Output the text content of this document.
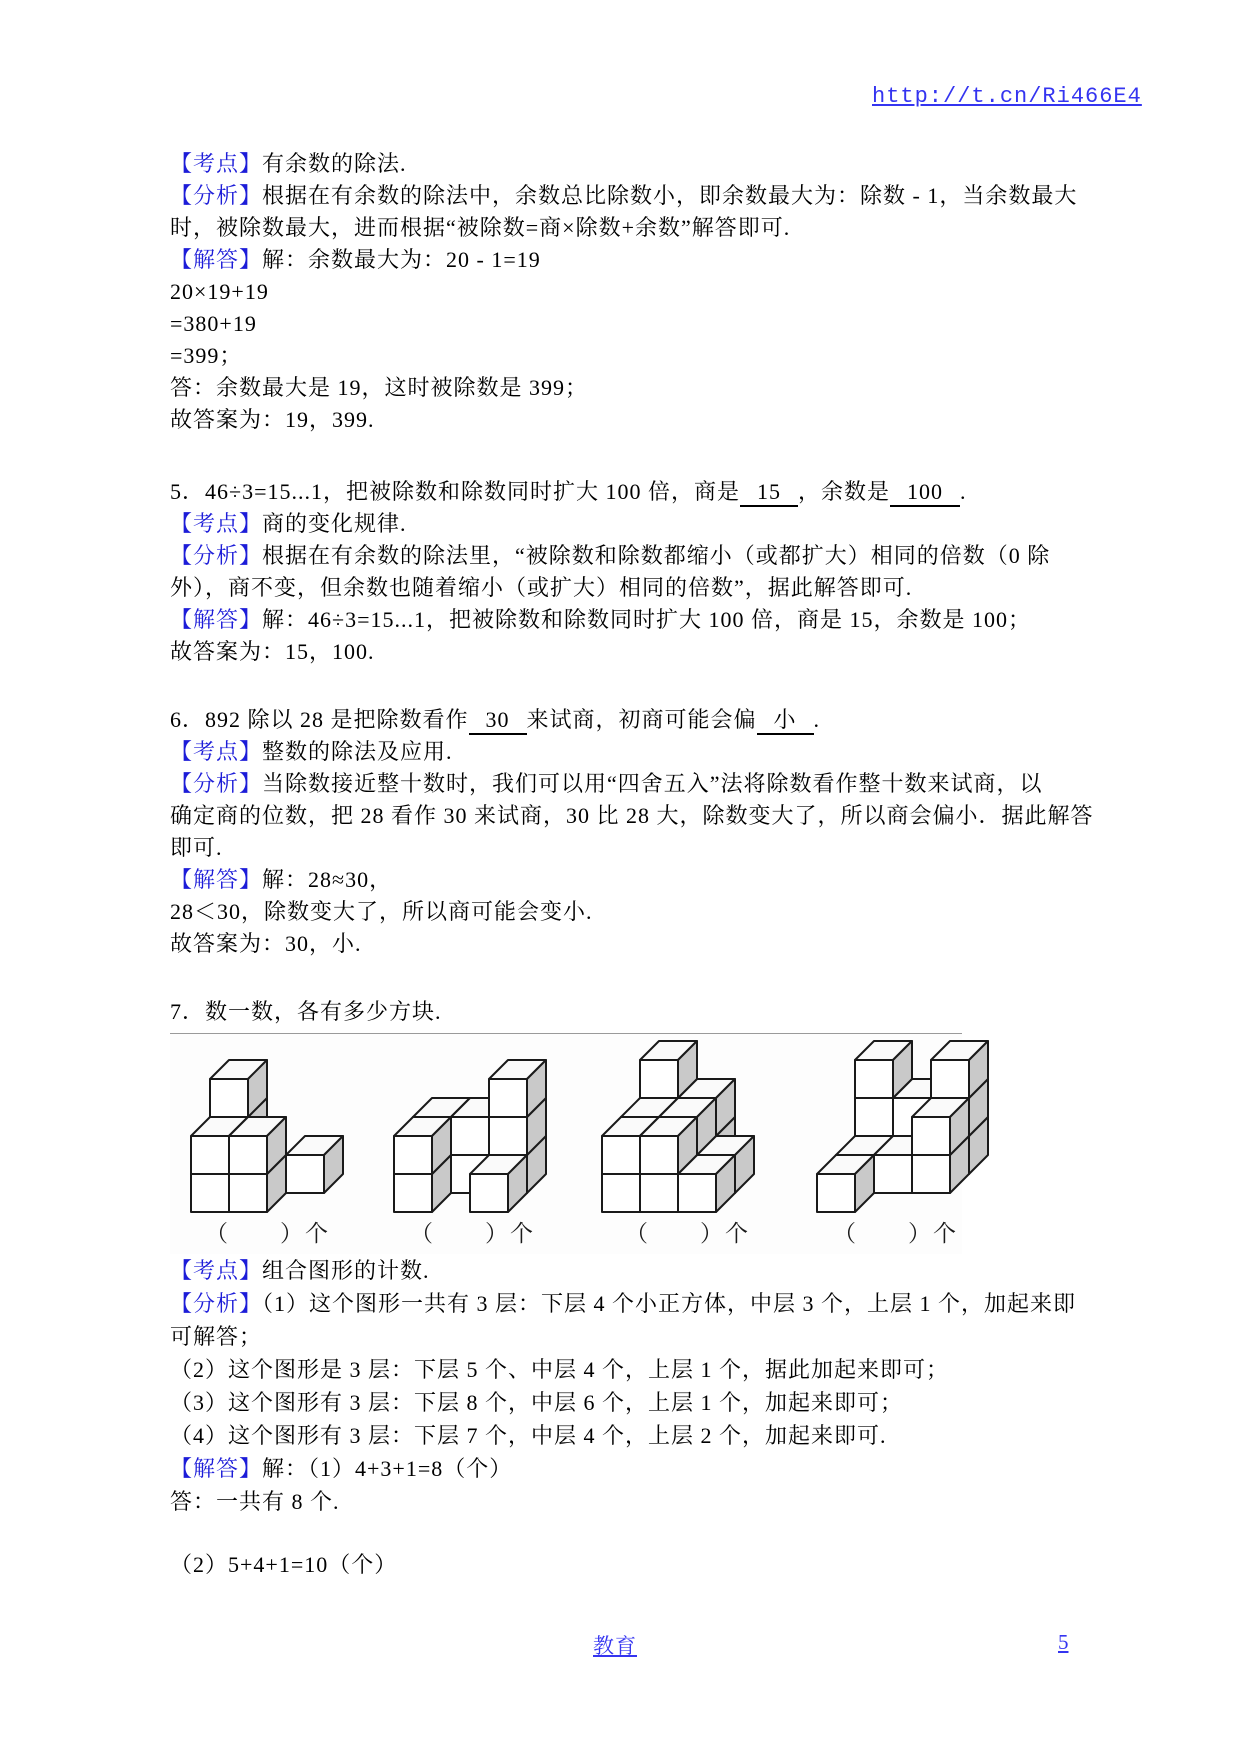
http://t.cn/Ri466E4
【考点】有余数的除法.
【分析】根据在有余数的除法中，余数总比除数小，即余数最大为：除数 - 1，当余数最大
时，被除数最大，进而根据“被除数=商×除数+余数”解答即可.
【解答】解：余数最大为：20 - 1=19
20×19+19
=380+19
=399；
答：余数最大是 19，这时被除数是 399；
故答案为：19，399.
5．46÷3=15...1，把被除数和除数同时扩大 100 倍，商是 15 ，余数是 100 .
【考点】商的变化规律.
【分析】根据在有余数的除法里，“被除数和除数都缩小（或都扩大）相同的倍数（0 除
外），商不变，但余数也随着缩小（或扩大）相同的倍数”，据此解答即可.
【解答】解：46÷3=15...1，把被除数和除数同时扩大 100 倍，商是 15，余数是 100；
故答案为：15，100.
6．892 除以 28 是把除数看作 30 来试商，初商可能会偏 小 .
【考点】整数的除法及应用.
【分析】当除数接近整十数时，我们可以用“四舍五入”法将除数看作整十数来试商，以
确定商的位数，把 28 看作 30 来试商，30 比 28 大，除数变大了，所以商会偏小．据此解答
即可.
【解答】解：28≈30，
28＜30，除数变大了，所以商可能会变小.
故答案为：30，小.
7．数一数，各有多少方块.
【考点】组合图形的计数.
【分析】（1）这个图形一共有 3 层：下层 4 个小正方体，中层 3 个，上层 1 个，加起来即
可解答；
（2）这个图形是 3 层：下层 5 个、中层 4 个，上层 1 个，据此加起来即可；
（3）这个图形有 3 层：下层 8 个，中层 6 个，上层 1 个，加起来即可；
（4）这个图形有 3 层：下层 7 个，中层 4 个，上层 2 个，加起来即可.
【解答】解：（1）4+3+1=8（个）
答：一共有 8 个.
（2）5+4+1=10（个）
（　　）个	（　　）个	（　　）个	（　　）个
教育	5
